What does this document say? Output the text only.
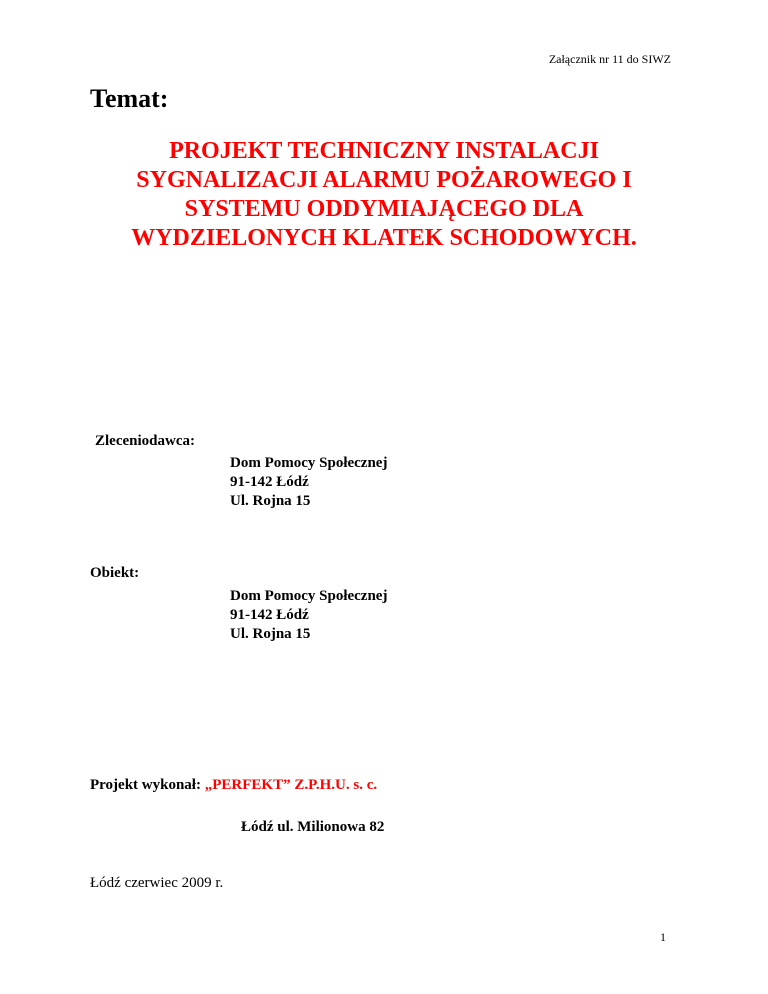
Załącznik nr 11 do SIWZ
Temat:
PROJEKT TECHNICZNY INSTALACJI
SYGNALIZACJI ALARMU POŻAROWEGO I
SYSTEMU ODDYMIAJĄCEGO DLA
WYDZIELONYCH KLATEK SCHODOWYCH.
Zleceniodawca:
Dom Pomocy Społecznej
91-142 Łódź
Ul. Rojna 15
Obiekt:
Dom Pomocy Społecznej
91-142 Łódź
Ul. Rojna 15
Projekt wykonał: „PERFEKT” Z.P.H.U. s. c.
Łódź ul. Milionowa 82
Łódź czerwiec 2009 r.
1
